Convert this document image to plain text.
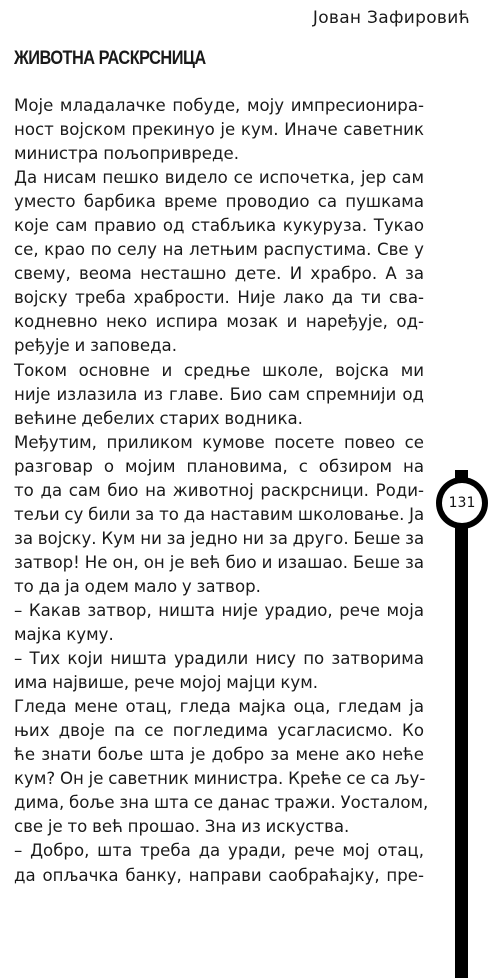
Јован Зафировић
ЖИВОТНА РАСКРСНИЦА
Моје младалачке побуде, мoју импресионира-
ност војском прекинуо је кум. Иначе саветник
министра пољопривреде.
Да нисам пешко видело се испочетка, јер сам
уместо барбика време проводио са пушкама
које сам правио од стабљика кукуруза. Тукао
се, крао по селу на летњим распустима. Све у
свему, веома несташно дете. И храбро. А за
војску треба храбрости. Није лако да ти сва-
кодневно неко испира мозак и наређује, од-
ређује и заповеда.
Током основне и средње школе, војска ми
није излазила из главе. Био сам спремнији од
већине дебелих старих водника.
Међутим, приликом кумове посете повео се
разговар о мојим плановима, с обзиром на
то да сам био на животној раскрсници. Роди-
тељи су били за то да наставим школовање. Ја
за војску. Кум ни за једно ни за друго. Беше за
затвор! Не он, он је већ био и изашао. Беше за
то да ја одем мало у затвор.
– Какав затвор, ништа није урадио, рече моја
мајка куму.
– Тих који ништа урадили нису по затворима
има највише, рече мојој мајци кум.
Гледа мене отац, гледа мајка оца, гледам ја
њих двоје па се погледима усагласисмо. Ко
ће знати боље шта је добро за мене ако неће
кум? Он је саветник министра. Креће се са љу-
дима, боље зна шта се данас тражи. Уосталом,
све је то већ прошао. Зна из искуства.
– Добро, шта треба да уради, рече мој отац,
да опљачка банку, направи саобраћајку, пре-
131
